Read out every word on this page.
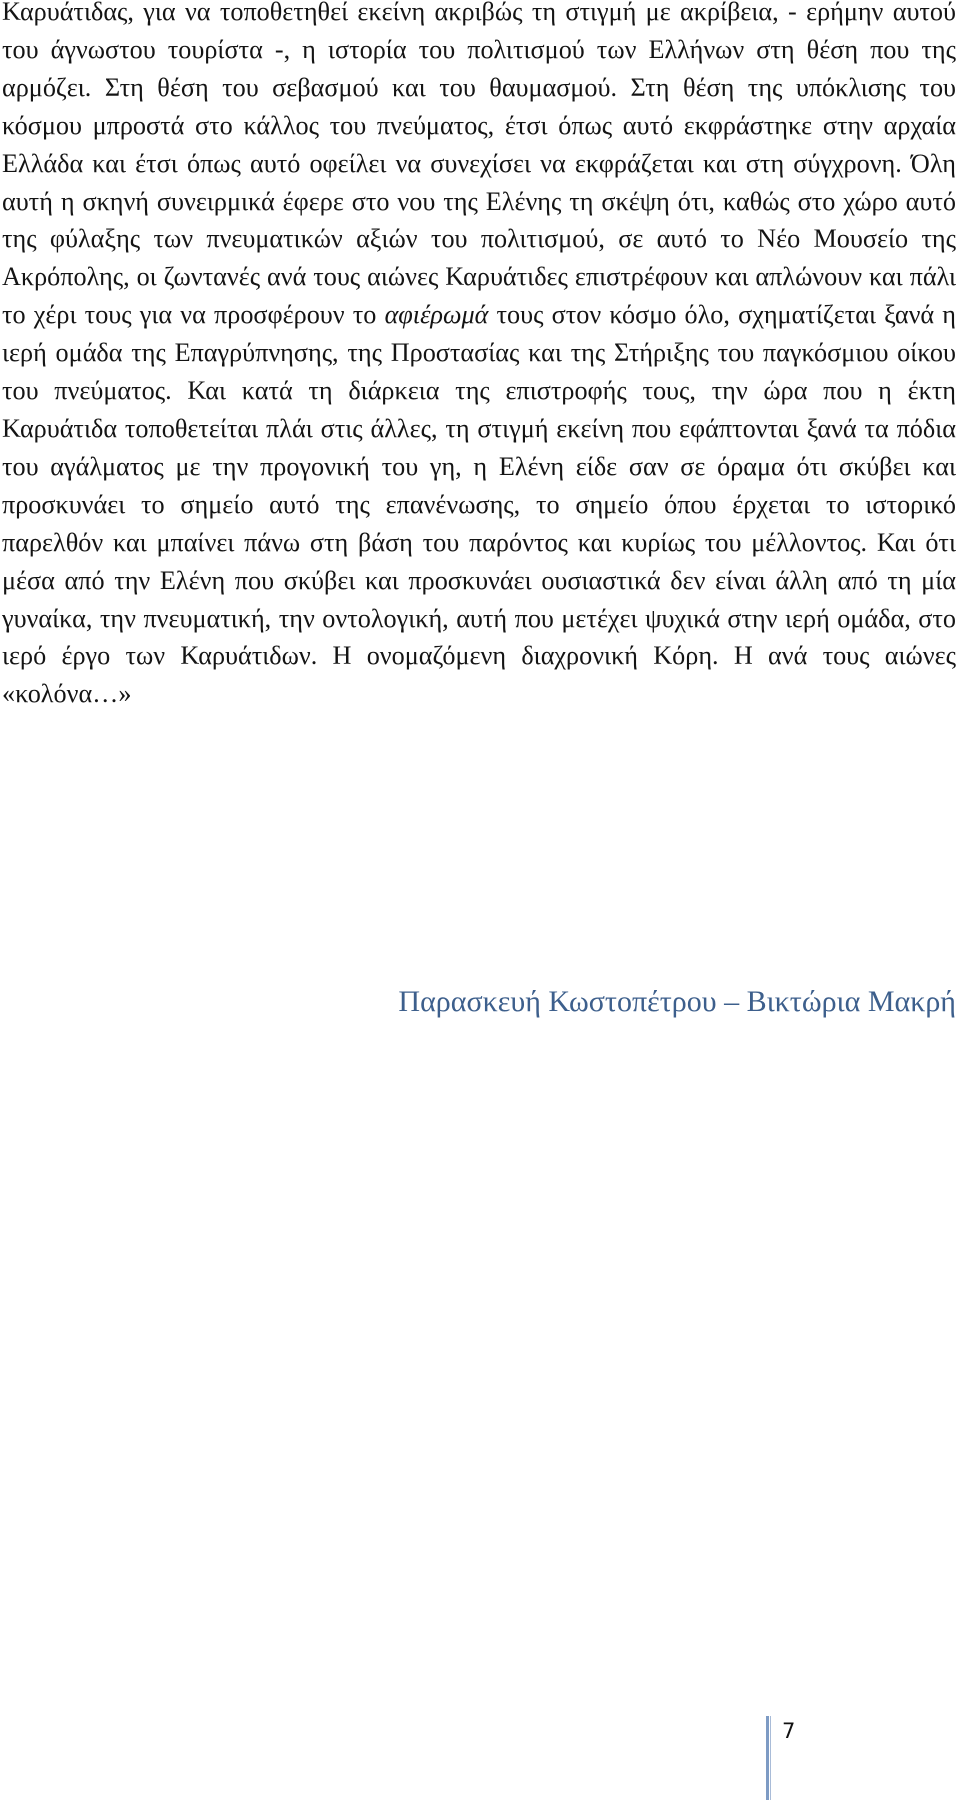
Καρυάτιδας, για να τοποθετηθεί εκείνη ακριβώς τη στιγμή με ακρίβεια, - ερήμην αυτού του άγνωστου τουρίστα -, η ιστορία του πολιτισμού των Ελλήνων στη θέση που της αρμόζει. Στη θέση του σεβασμού και του θαυμασμού. Στη θέση της υπόκλισης του κόσμου μπροστά στο κάλλος του πνεύματος, έτσι όπως αυτό εκφράστηκε στην αρχαία Ελλάδα και έτσι όπως αυτό οφείλει να συνεχίσει να εκφράζεται και στη σύγχρονη. Όλη αυτή η σκηνή συνειρμικά έφερε στο νου της Ελένης τη σκέψη ότι, καθώς στο χώρο αυτό της φύλαξης των πνευματικών αξιών του πολιτισμού, σε αυτό το Νέο Μουσείο της Ακρόπολης, οι ζωντανές ανά τους αιώνες Καρυάτιδες επιστρέφουν και απλώνουν και πάλι το χέρι τους για να προσφέρουν το αφιέρωμά τους στον κόσμο όλο, σχηματίζεται ξανά η ιερή ομάδα της Επαγρύπνησης, της Προστασίας και της Στήριξης του παγκόσμιου οίκου του πνεύματος. Και κατά τη διάρκεια της επιστροφής τους, την ώρα που η έκτη Καρυάτιδα τοποθετείται πλάι στις άλλες, τη στιγμή εκείνη που εφάπτονται ξανά τα πόδια του αγάλματος με την προγονική του γη, η Ελένη είδε σαν σε όραμα ότι σκύβει και προσκυνάει το σημείο αυτό της επανένωσης, το σημείο όπου έρχεται το ιστορικό παρελθόν και μπαίνει πάνω στη βάση του παρόντος και κυρίως του μέλλοντος. Και ότι μέσα από την Ελένη που σκύβει και προσκυνάει ουσιαστικά δεν είναι άλλη από τη μία γυναίκα, την πνευματική, την οντολογική, αυτή που μετέχει ψυχικά στην ιερή ομάδα, στο ιερό έργο των Καρυάτιδων. Η ονομαζόμενη διαχρονική Κόρη. Η ανά τους αιώνες «κολόνα…»

Παρασκευή Κωστοπέτρου – Βικτώρια Μακρή

7
